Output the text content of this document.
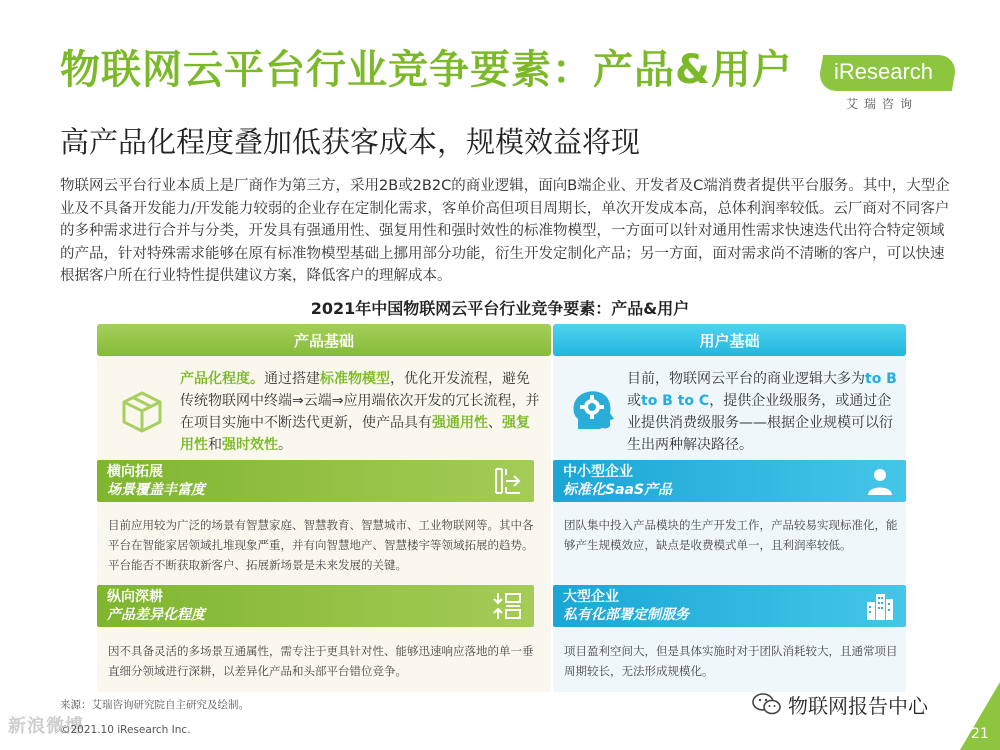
物联网云平台行业竞争要素：产品&用户 iResearch
艾瑞咨询
高产品化程度叠加低获客成本，规模效益将现

物联网云平台行业本质上是厂商作为第三方，采用2B或2B2C的商业逻辑，面向B端企业、开发者及C端消费者提供平台服务。其中，大型企业及不具备开发能力/开发能力较弱的企业存在定制化需求，客单价高但项目周期长，单次开发成本高，总体利润率较低。云厂商对不同客户的多种需求进行合并与分类，开发具有强通用性、强复用性和强时效性的标准物模型，一方面可以针对通用性需求快速迭代出符合特定领域的产品，针对特殊需求能够在原有标准物模型基础上挪用部分功能，衍生开发定制化产品；另一方面，面对需求尚不清晰的客户，可以快速根据客户所在行业特性提供建议方案，降低客户的理解成本。

2021年中国物联网云平台行业竞争要素：产品&用户
产品基础	用户基础
产品化程度。通过搭建标准物模型，优化开发流程，避免传统物联网中终端⇒云端⇒应用端依次开发的冗长流程，并在项目实施中不断迭代更新，使产品具有强通用性、强复用性和强时效性。
目前，物联网云平台的商业逻辑大多为to B或to B to C，提供企业级服务，或通过企业提供消费级服务——根据企业规模可以衍生出两种解决路径。
横向拓展
场景覆盖丰富度
目前应用较为广泛的场景有智慧家庭、智慧教育、智慧城市、工业物联网等。其中各平台在智能家居领域扎堆现象严重，并有向智慧地产、智慧楼宇等领域拓展的趋势。平台能否不断获取新客户、拓展新场景是未来发展的关键。
中小型企业
标准化SaaS产品
团队集中投入产品模块的生产开发工作，产品较易实现标准化，能够产生规模效应，缺点是收费模式单一，且利润率较低。
纵向深耕
产品差异化程度
因不具备灵活的多场景互通属性，需专注于更具针对性、能够迅速响应落地的单一垂直细分领域进行深耕，以差异化产品和头部平台错位竞争。
大型企业
私有化部署定制服务
项目盈利空间大，但是具体实施时对于团队消耗较大，且通常项目周期较长，无法形成规模化。
来源：艾瑞咨询研究院自主研究及绘制。
新浪微博
©2021.10 iResearch Inc.
物联网报告中心
21
